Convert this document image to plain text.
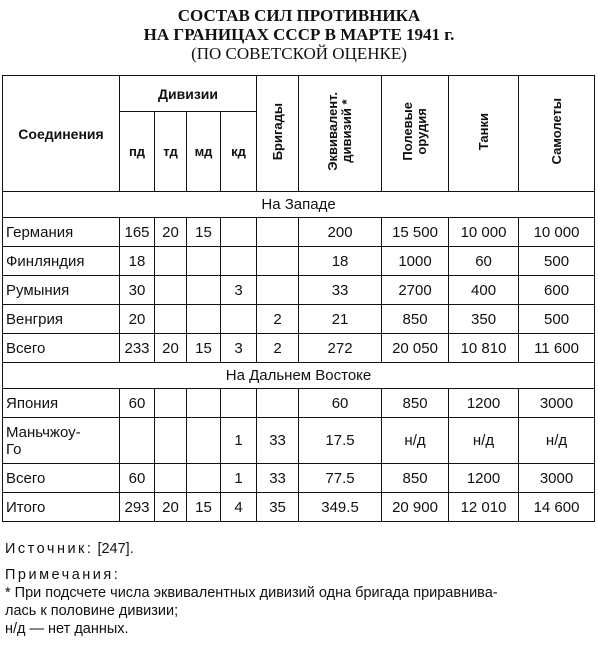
СОСТАВ СИЛ ПРОТИВНИКА
НА ГРАНИЦАХ СССР В МАРТЕ 1941 г.
(ПО СОВЕТСКОЙ ОЦЕНКЕ)
Соединения	Дивизии				Бригады	Эквивалент.
дивизий *	Полевые
орудия	Танки	Самолеты
	пд	тд	мд	кд					
На Западе									
Германия	165	20	15			200	15 500	10 000	10 000
Финляндия	18					18	1000	60	500
Румыния	30			3		33	2700	400	600
Венгрия	20				2	21	850	350	500
Всего	233	20	15	3	2	272	20 050	10 810	11 600
На Дальнем Востоке									
Япония	60					60	850	1200	3000
Маньчжоу-
Го				1	33	17.5	н/д	н/д	н/д
Всего	60			1	33	77.5	850	1200	3000
Итого	293	20	15	4	35	349.5	20 900	12 010	14 600
Источник: [247].
Примечания:
* При подсчете числа эквивалентных дивизий одна бригада приравнива-
лась к половине дивизии;
н/д — нет данных.
